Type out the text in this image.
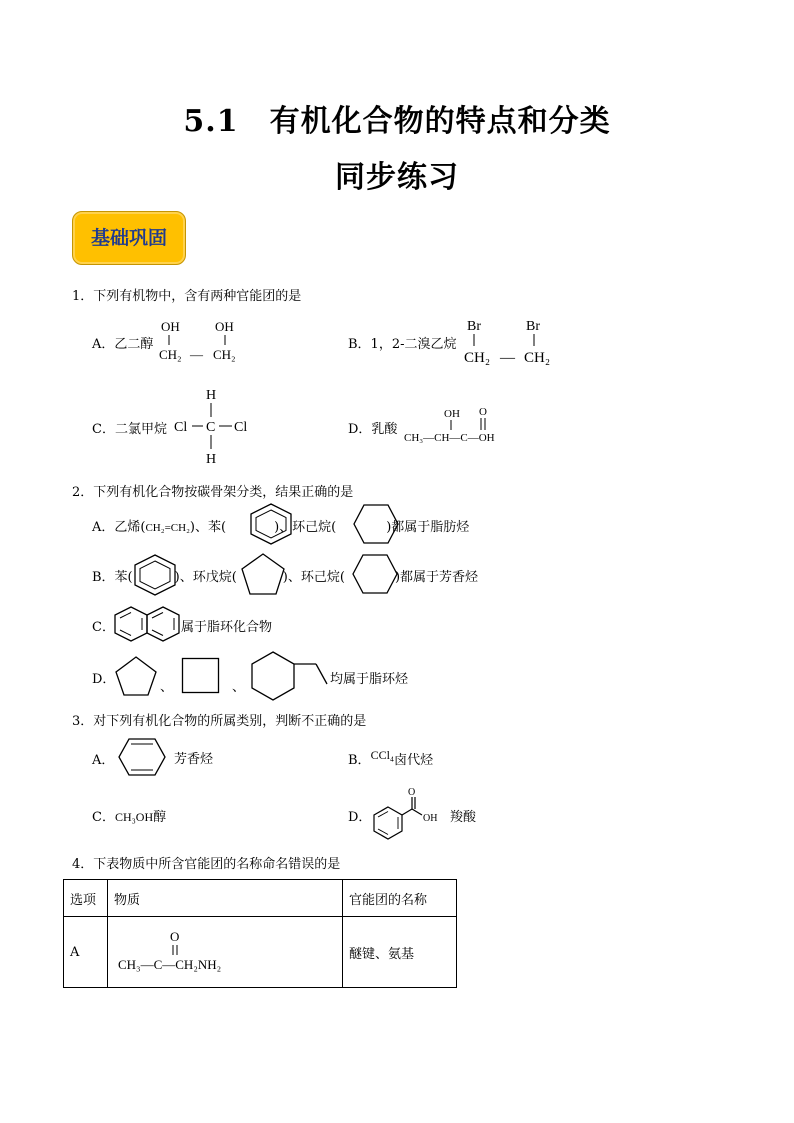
5.1　有机化合物的特点和分类
同步练习
基础巩固
1．下列有机物中，含有两种官能团的是
A．乙二醇
OH	OH
CH₂ — CH₂
B．1，2-二溴乙烷
Br	Br
CH₂ — CH₂
C．二氯甲烷
H
Cl C Cl
H
D．乳酸
OH O
CH₃—CH—C—OH
2．下列有机化合物按碳骨架分类，结果正确的是
A．乙烯(CH₂=CH₂)、苯(	)、环己烷(	)都属于脂肪烃
B．苯(	)、环戊烷(	)、环己烷(	)都属于芳香烃
C．	属于脂环化合物
D．
、	、
均属于脂环烃
3．对下列有机化合物的所属类别，判断不正确的是
A．	芳香烃	B．CCl₄卤代烃
C．CH₃OH醇	D．
O
OH 羧酸
4．下表物质中所含官能团的名称命名错误的是
选项	物质	官能团的名称
A	O
CH₃—C—CH₂NH₂	醚键、氨基
